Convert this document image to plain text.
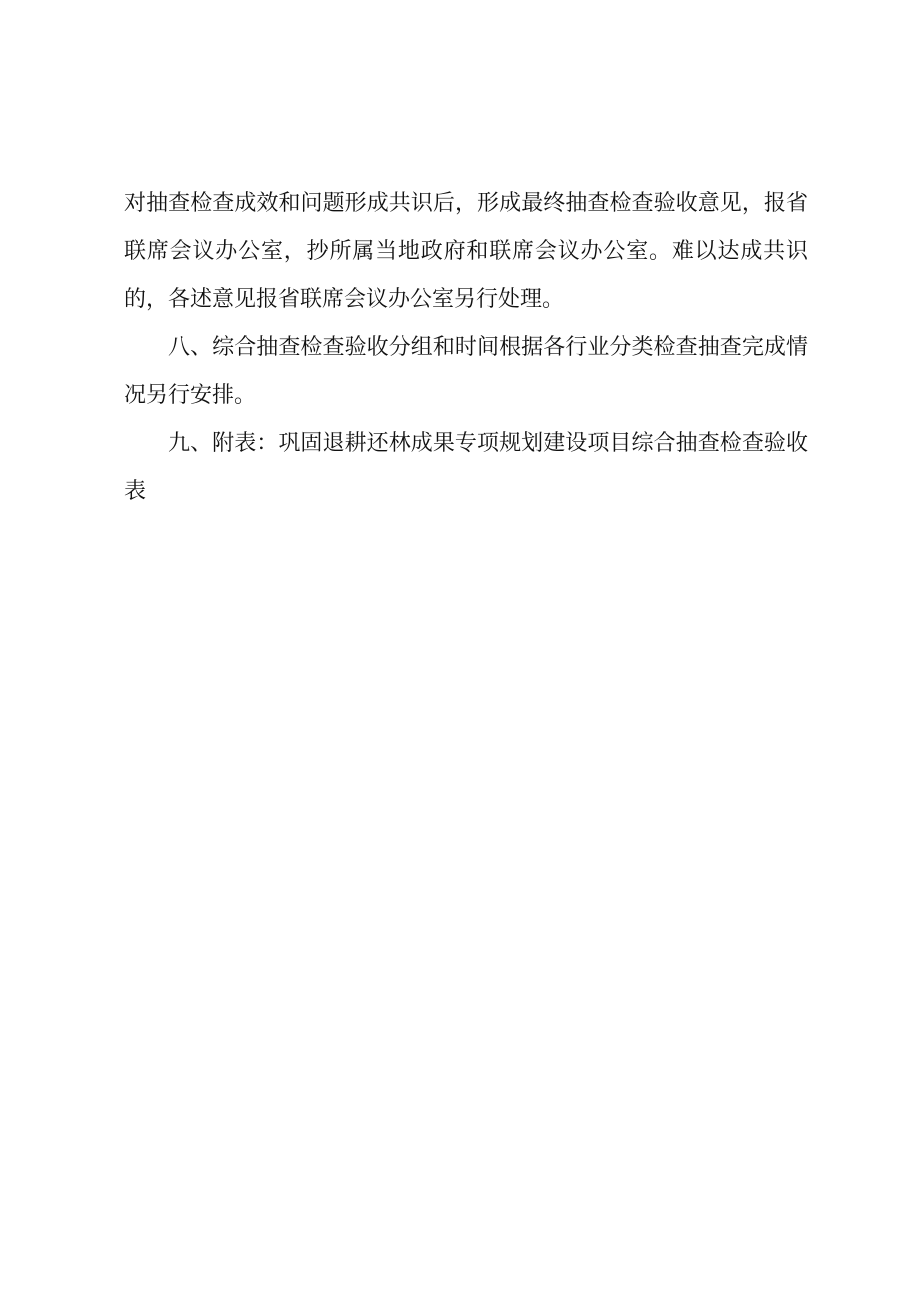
对抽查检查成效和问题形成共识后，形成最终抽查检查验收意见，报省联席会议办公室，抄所属当地政府和联席会议办公室。难以达成共识的，各述意见报省联席会议办公室另行处理。

八、综合抽查检查验收分组和时间根据各行业分类检查抽查完成情况另行安排。

九、附表：巩固退耕还林成果专项规划建设项目综合抽查检查验收表
